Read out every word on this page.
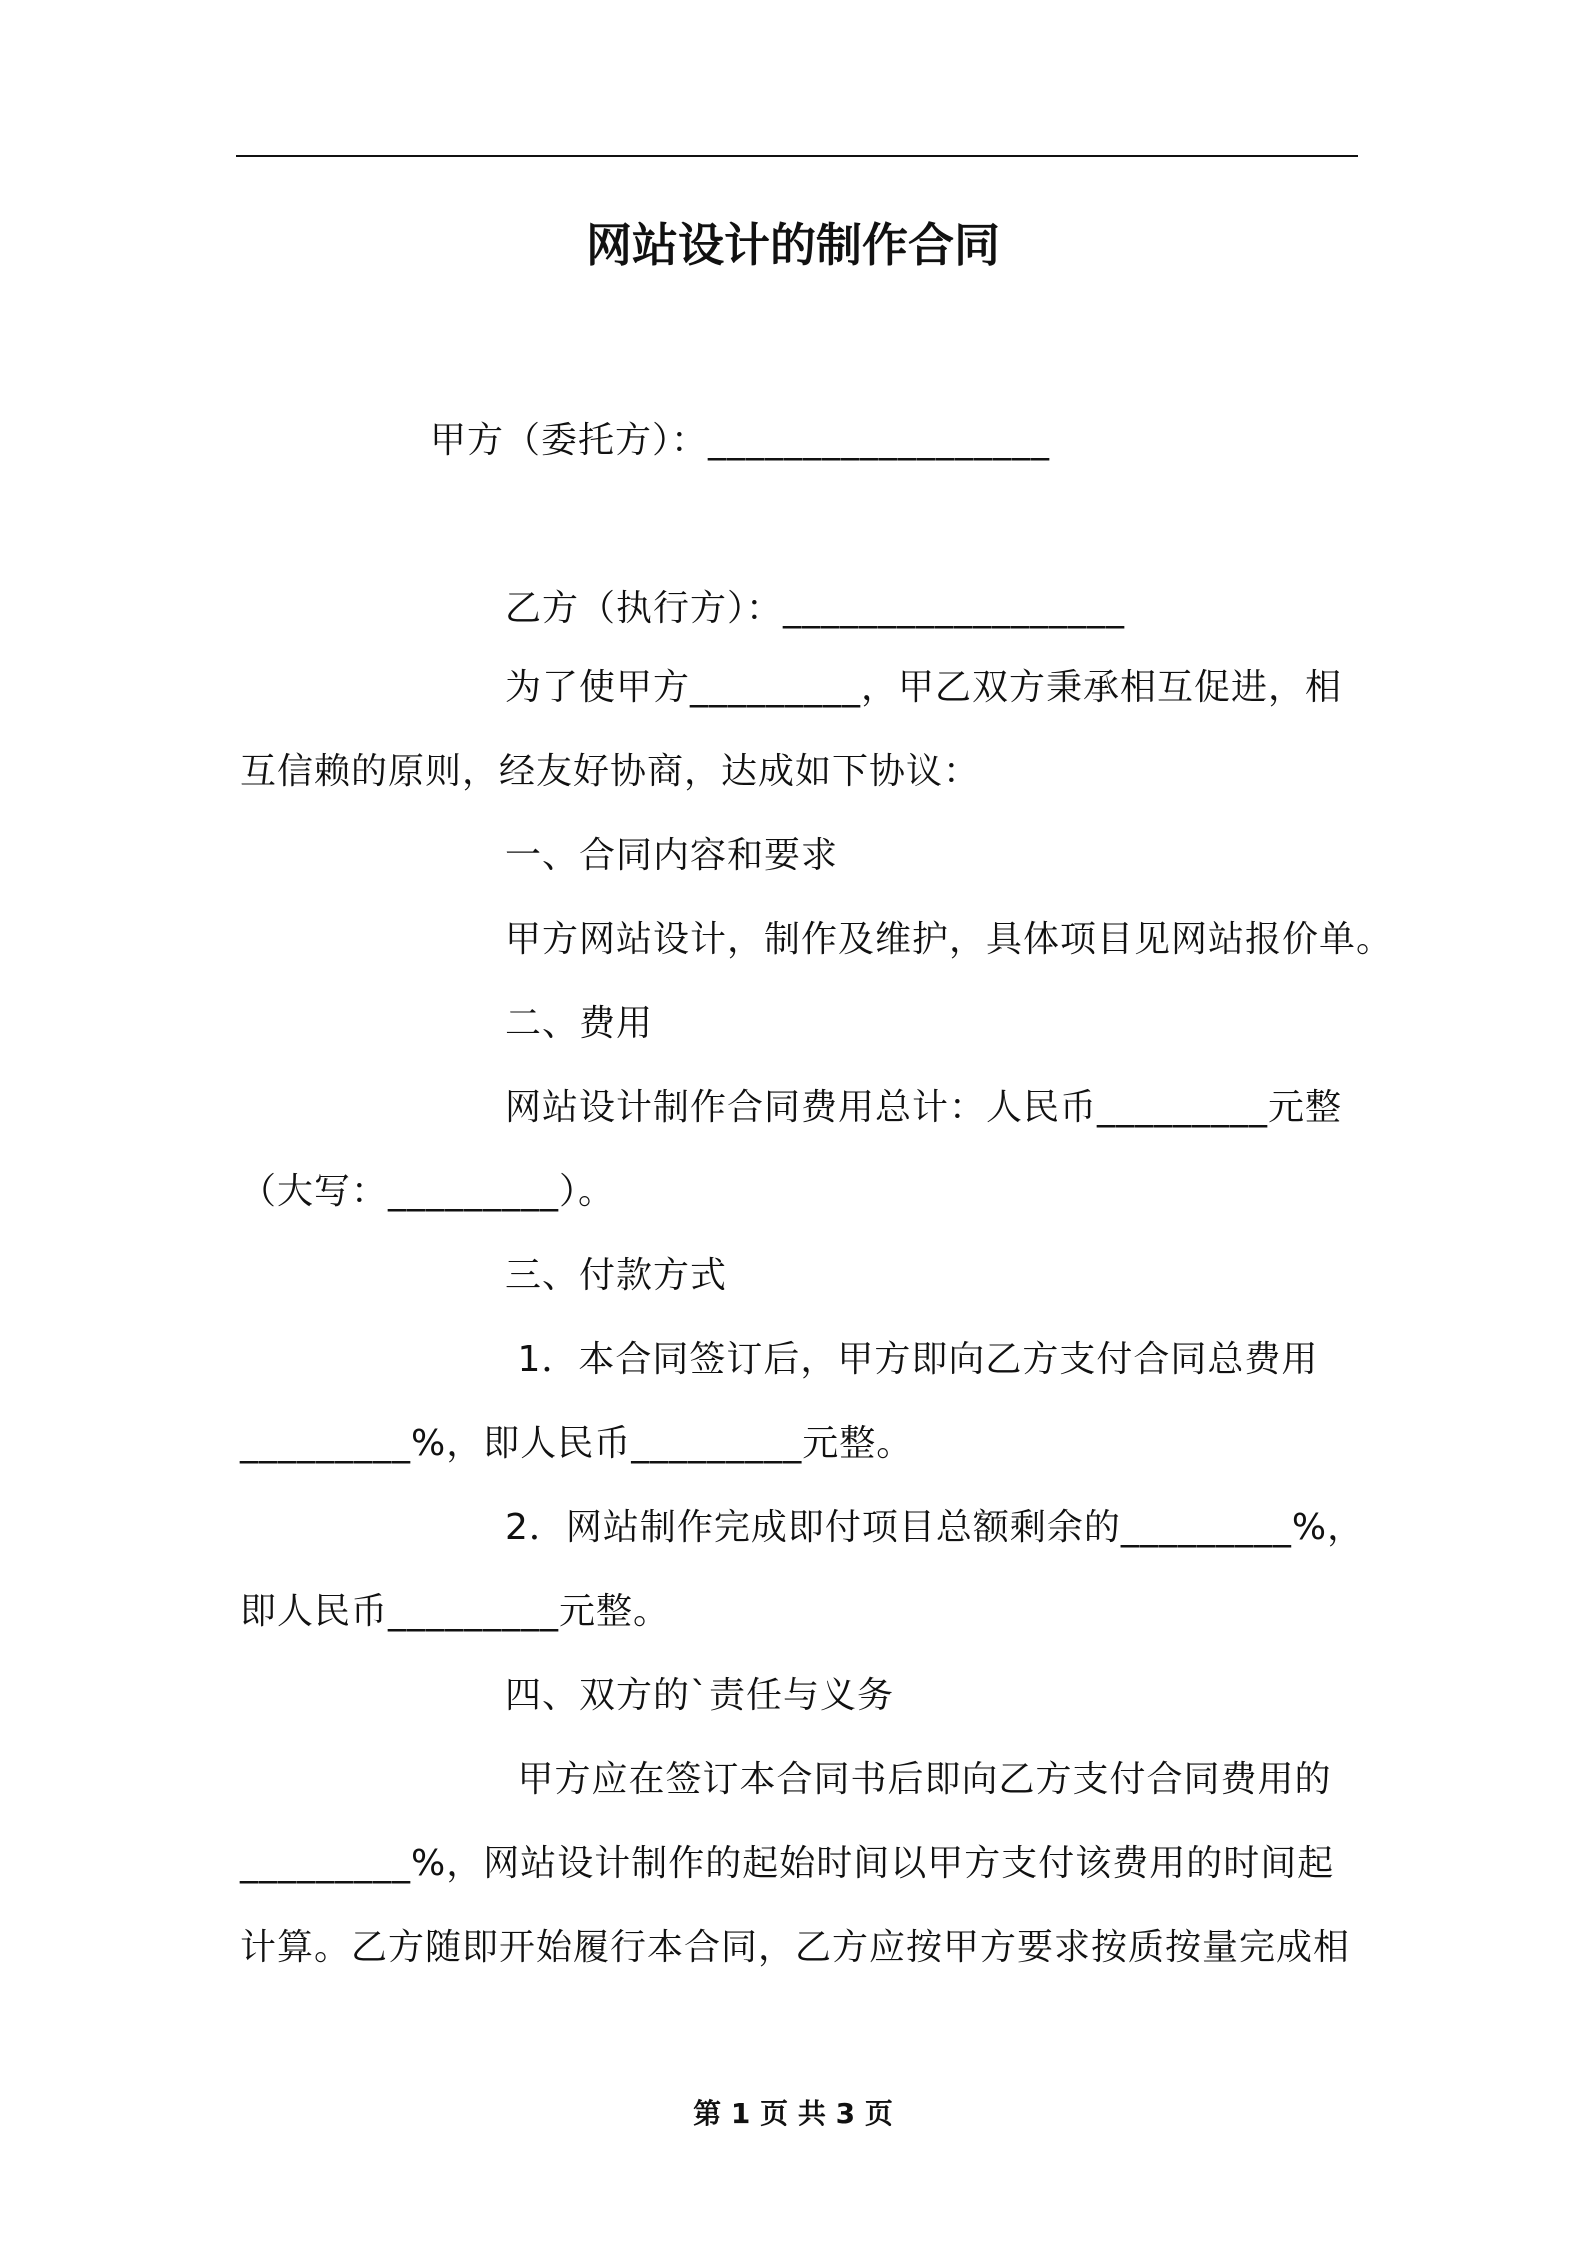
网站设计的制作合同

甲方（委托方）：__________________

乙方（执行方）：__________________

为了使甲方_________，甲乙双方秉承相互促进，相

互信赖的原则，经友好协商，达成如下协议：

一、合同内容和要求

甲方网站设计，制作及维护，具体项目见网站报价单。

二、费用

网站设计制作合同费用总计：人民币_________元整

（大写：_________）。

三、付款方式

1．本合同签订后，甲方即向乙方支付合同总费用

_________%，即人民币_________元整。

2．网站制作完成即付项目总额剩余的_________%，

即人民币_________元整。

四、双方的`责任与义务

甲方应在签订本合同书后即向乙方支付合同费用的

_________%，网站设计制作的起始时间以甲方支付该费用的时间起

计算。乙方随即开始履行本合同，乙方应按甲方要求按质按量完成相

第 1 页 共 3 页
